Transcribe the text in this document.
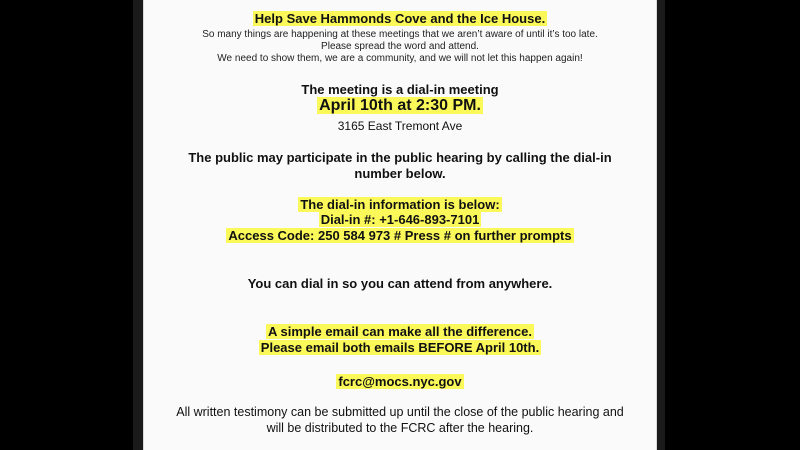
Help Save Hammonds Cove and the Ice House.
So many things are happening at these meetings that we aren’t aware of until it’s too late.
Please spread the word and attend.
We need to show them, we are a community, and we will not let this happen again!
The meeting is a dial-in meeting
April 10th at 2:30 PM.
3165 East Tremont Ave
The public may participate in the public hearing by calling the dial-in
number below.
The dial-in information is below:
Dial-in #: +1-646-893-7101
Access Code: 250 584 973 # Press # on further prompts
You can dial in so you can attend from anywhere.
A simple email can make all the difference.
Please email both emails BEFORE April 10th.
fcrc@mocs.nyc.gov
All written testimony can be submitted up until the close of the public hearing and
will be distributed to the FCRC after the hearing.
